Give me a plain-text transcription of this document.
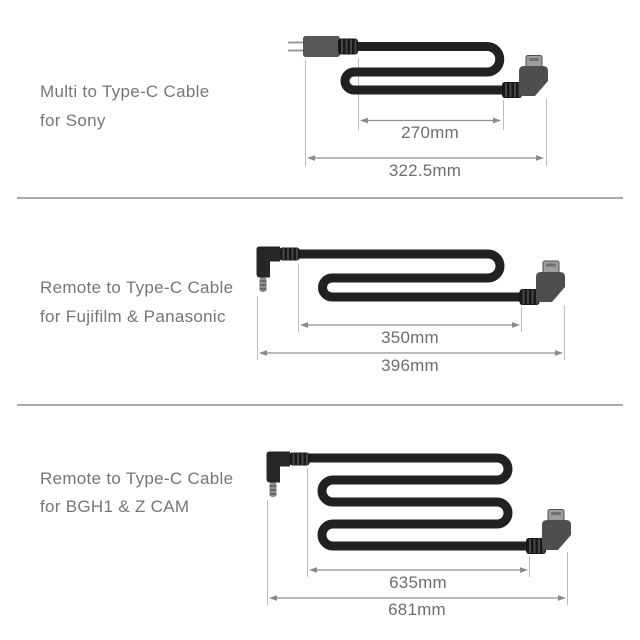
Multi to Type-C Cable
for Sony
270mm
322.5mm
Remote to Type-C Cable
for Fujifilm & Panasonic
350mm
396mm
Remote to Type-C Cable
for BGH1 & Z CAM
635mm
681mm
